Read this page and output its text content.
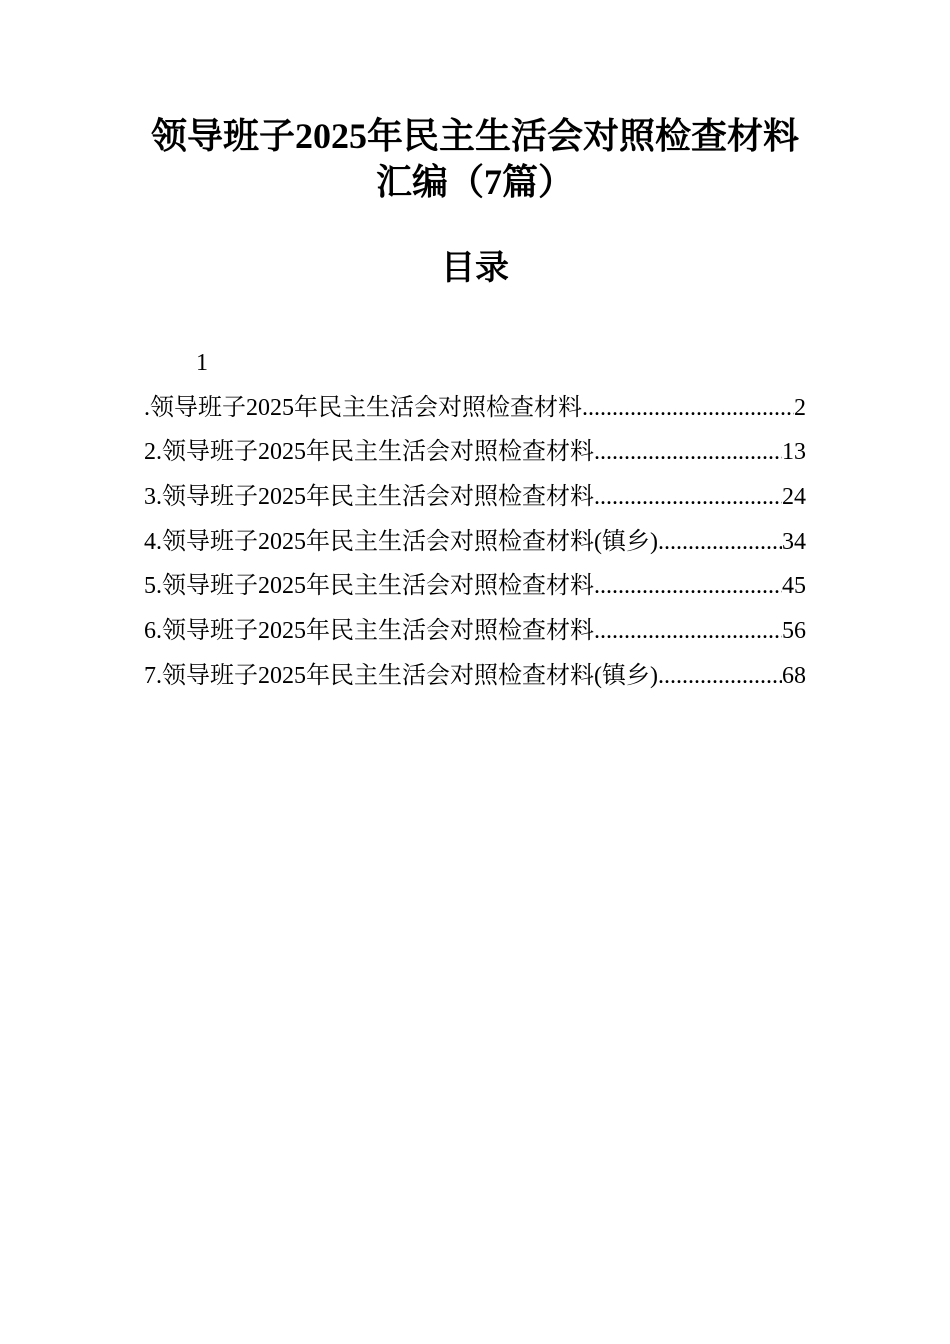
领导班子2025年民主生活会对照检查材料
汇编（7篇）
目录
1
.领导班子2025年民主生活会对照检查材料 .....	2
2.领导班子2025年民主生活会对照检查材料 .....	13
3.领导班子2025年民主生活会对照检查材料 .....	24
4.领导班子2025年民主生活会对照检查材料(镇乡) .....	34
5.领导班子2025年民主生活会对照检查材料 .....	45
6.领导班子2025年民主生活会对照检查材料 .....	56
7.领导班子2025年民主生活会对照检查材料(镇乡) .....	68
